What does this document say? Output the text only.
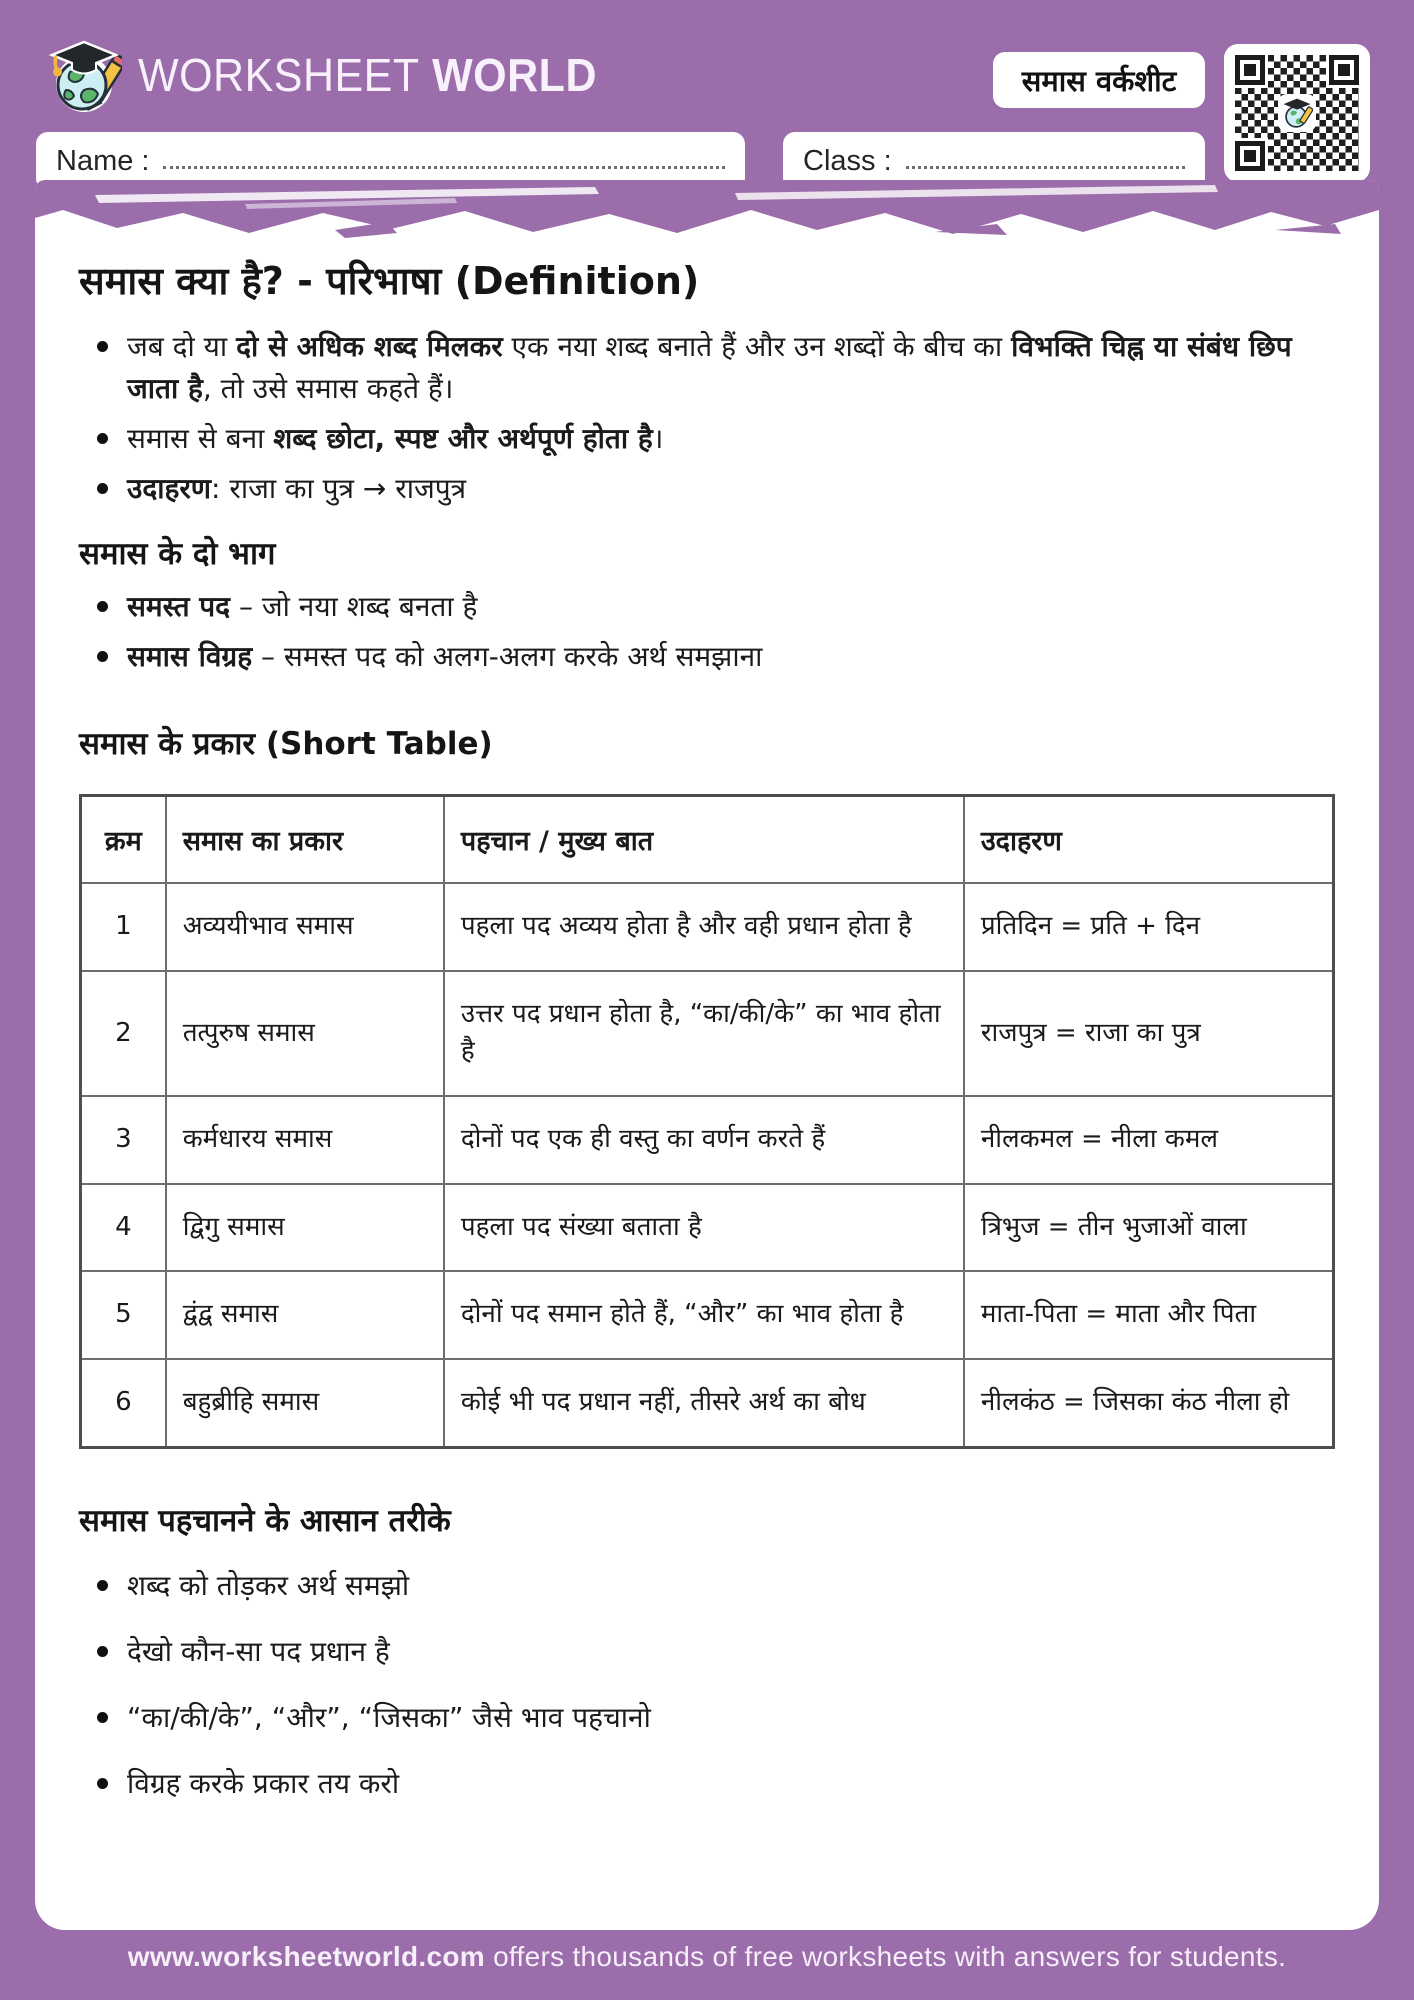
WORKSHEET WORLD	समास वर्कशीट
Name :	Class :
समास क्या है? - परिभाषा (Definition)
जब दो या दो से अधिक शब्द मिलकर एक नया शब्द बनाते हैं और उन शब्दों के बीच का विभक्ति चिह्न या संबंध छिप जाता है, तो उसे समास कहते हैं।
समास से बना शब्द छोटा, स्पष्ट और अर्थपूर्ण होता है।
उदाहरण: राजा का पुत्र → राजपुत्र
समास के दो भाग
समस्त पद – जो नया शब्द बनता है
समास विग्रह – समस्त पद को अलग-अलग करके अर्थ समझाना
समास के प्रकार (Short Table)
क्रम	समास का प्रकार	पहचान / मुख्य बात	उदाहरण
1	अव्ययीभाव समास	पहला पद अव्यय होता है और वही प्रधान होता है	प्रतिदिन = प्रति + दिन
2	तत्पुरुष समास	उत्तर पद प्रधान होता है, “का/की/के” का भाव होता है	राजपुत्र = राजा का पुत्र
3	कर्मधारय समास	दोनों पद एक ही वस्तु का वर्णन करते हैं	नीलकमल = नीला कमल
4	द्विगु समास	पहला पद संख्या बताता है	त्रिभुज = तीन भुजाओं वाला
5	द्वंद्व समास	दोनों पद समान होते हैं, “और” का भाव होता है	माता-पिता = माता और पिता
6	बहुब्रीहि समास	कोई भी पद प्रधान नहीं, तीसरे अर्थ का बोध	नीलकंठ = जिसका कंठ नीला हो
समास पहचानने के आसान तरीके
शब्द को तोड़कर अर्थ समझो
देखो कौन-सा पद प्रधान है
“का/की/के”, “और”, “जिसका” जैसे भाव पहचानो
विग्रह करके प्रकार तय करो
www.worksheetworld.com offers thousands of free worksheets with answers for students.
